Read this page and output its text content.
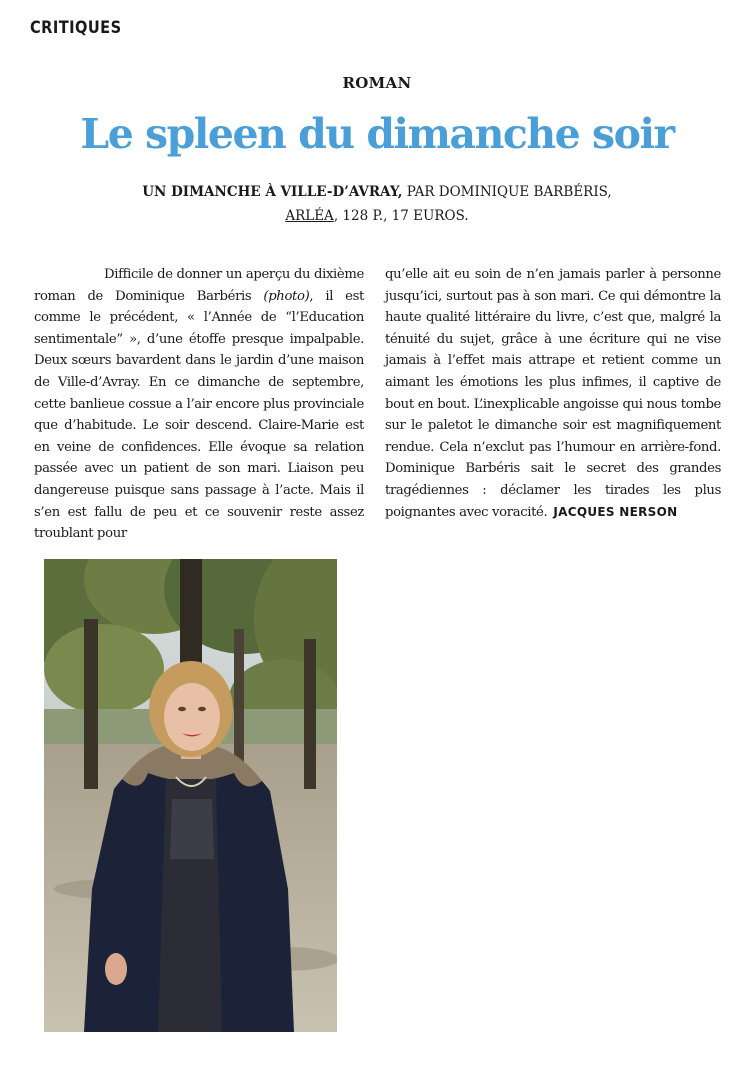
CRITIQUES
ROMAN
Le spleen du dimanche soir
UN DIMANCHE À VILLE-D’AVRAY, PAR DOMINIQUE BARBÉRIS,
ARLÉA, 128 P., 17 EUROS.

Difficile de donner un aperçu du dixième roman de Dominique Barbéris (photo), il est comme le précédent, « l’Année de “l’Education sentimentale” », d’une étoffe presque impalpable. Deux sœurs bavardent dans le jardin d’une maison de Ville-d’Avray. En ce dimanche de septembre, cette banlieue cossue a l’air encore plus provinciale que d’habitude. Le soir descend. Claire-Marie est en veine de confidences. Elle évoque sa relation passée avec un patient de son mari. Liaison peu dangereuse puisque sans passage à l’acte. Mais il s’en est fallu de peu et ce souvenir reste assez troublant pour

qu’elle ait eu soin de n’en jamais parler à personne jusqu’ici, surtout pas à son mari. Ce qui démontre la haute qualité littéraire du livre, c’est que, malgré la ténuité du sujet, grâce à une écriture qui ne vise jamais à l’effet mais attrape et retient comme un aimant les émotions les plus infimes, il captive de bout en bout. L’inexplicable angoisse qui nous tombe sur le paletot le dimanche soir est magnifiquement rendue. Cela n’exclut pas l’humour en arrière-fond. Dominique Barbéris sait le secret des grandes tragédiennes : déclamer les tirades les plus poignantes avec voracité. JACQUES NERSON
